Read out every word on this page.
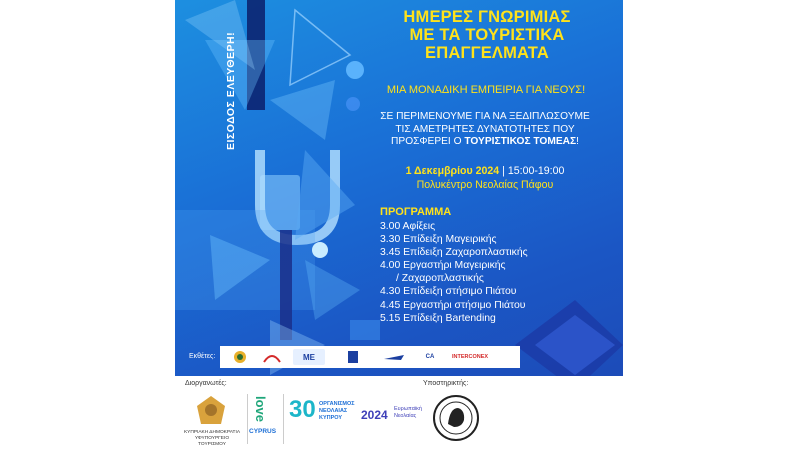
ΕΙΣΟΔΟΣ ΕΛΕΥΘΕΡΗ!
ΗΜΕΡΕΣ ΓΝΩΡΙΜΙΑΣ
ΜΕ ΤΑ ΤΟΥΡΙΣΤΙΚΑ
ΕΠΑΓΓΕΛΜΑΤΑ
ΜΙΑ ΜΟΝΑΔΙΚΗ ΕΜΠΕΙΡΙΑ ΓΙΑ ΝΕΟΥΣ!
ΣΕ ΠΕΡΙΜΕΝΟΥΜΕ ΓΙΑ ΝΑ ΞΕΔΙΠΛΩΣΟΥΜΕ
ΤΙΣ ΑΜΕΤΡΗΤΕΣ ΔΥΝΑΤΟΤΗΤΕΣ ΠΟΥ
ΠΡΟΣΦΕΡΕΙ Ο ΤΟΥΡΙΣΤΙΚΟΣ ΤΟΜΕΑΣ!
1 Δεκεμβρίου 2024 | 15:00-19:00
Πολυκέντρο Νεολαίας Πάφου
ΠΡΟΓΡΑΜΜΑ
3.00 Αφίξεις
3.30 Επίδειξη Μαγειρικής
3.45 Επίδειξη Ζαχαροπλαστικής
4.00 Εργαστήρι Μαγειρικής
/ Ζαχαροπλαστικής
4.30 Επίδειξη στήσιμο Πιάτου
4.45 Εργαστήρι στήσιμο Πιάτου
5.15 Επίδειξη Bartending
Εκθέτες:	ΜΕ	CA	INTERCONEX
Διοργανωτές:	Υποστηρικτής:
ΚΥΠΡΙΑΚΗ ΔΗΜΟΚΡΑΤΙΑ ΥΦΥΠΟΥΡΓΕΙΟ ΤΟΥΡΙΣΜΟΥ
love
CYPRUS
30 ΟΡΓΑΝΙΣΜΟΣ
ΝΕΟΛΑΙΑΣ
ΚΥΠΡΟΥ	2024 Ευρωπαϊκή
Νεολαίας
